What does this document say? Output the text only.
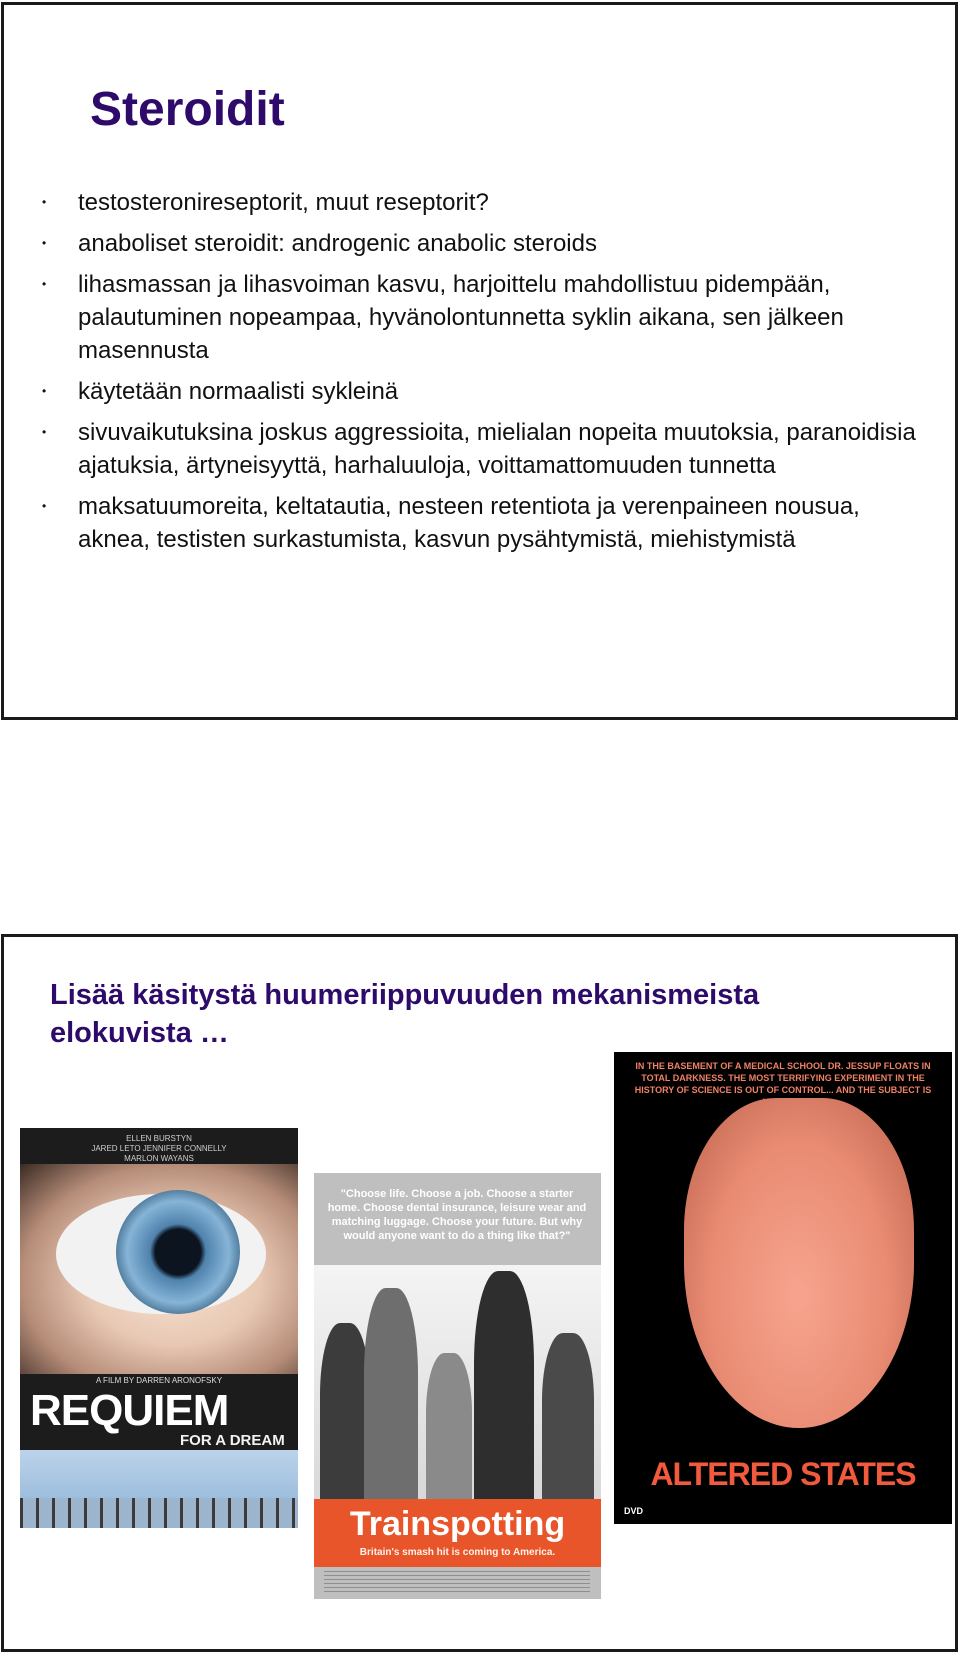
Steroidit
• testosteronireseptorit, muut reseptorit?
• anaboliset steroidit: androgenic anabolic steroids
• lihasmassan ja lihasvoiman kasvu, harjoittelu mahdollistuu pidempään, palautuminen nopeampaa, hyvänolontunnetta syklin aikana, sen jälkeen masennusta
• käytetään normaalisti sykleinä
• sivuvaikutuksina joskus aggressioita, mielialan nopeita muutoksia, paranoidisia ajatuksia, ärtyneisyyttä, harhaluuloja, voittamattomuuden tunnetta
• maksatuumoreita, keltatautia, nesteen retentiota ja verenpaineen nousua, aknea, testisten surkastumista, kasvun pysähtymistä, miehistymistä
Lisää käsitystä huumeriippuvuuden mekanismeista elokuvista …
ELLEN BURSTYN
JARED LETO JENNIFER CONNELLY
MARLON WAYANS
A FILM BY DARREN ARONOFSKY
REQUIEM
FOR A DREAM
"Choose life. Choose a job. Choose a starter home. Choose dental insurance, leisure wear and matching luggage. Choose your future. But why would anyone want to do a thing like that?"
Trainspotting
Britain's smash hit is coming to America.
IN THE BASEMENT OF A MEDICAL SCHOOL DR. JESSUP FLOATS IN TOTAL DARKNESS. THE MOST TERRIFYING EXPERIMENT IN THE HISTORY OF SCIENCE IS OUT OF CONTROL... AND THE SUBJECT IS
ALTERED STATES
DVD
